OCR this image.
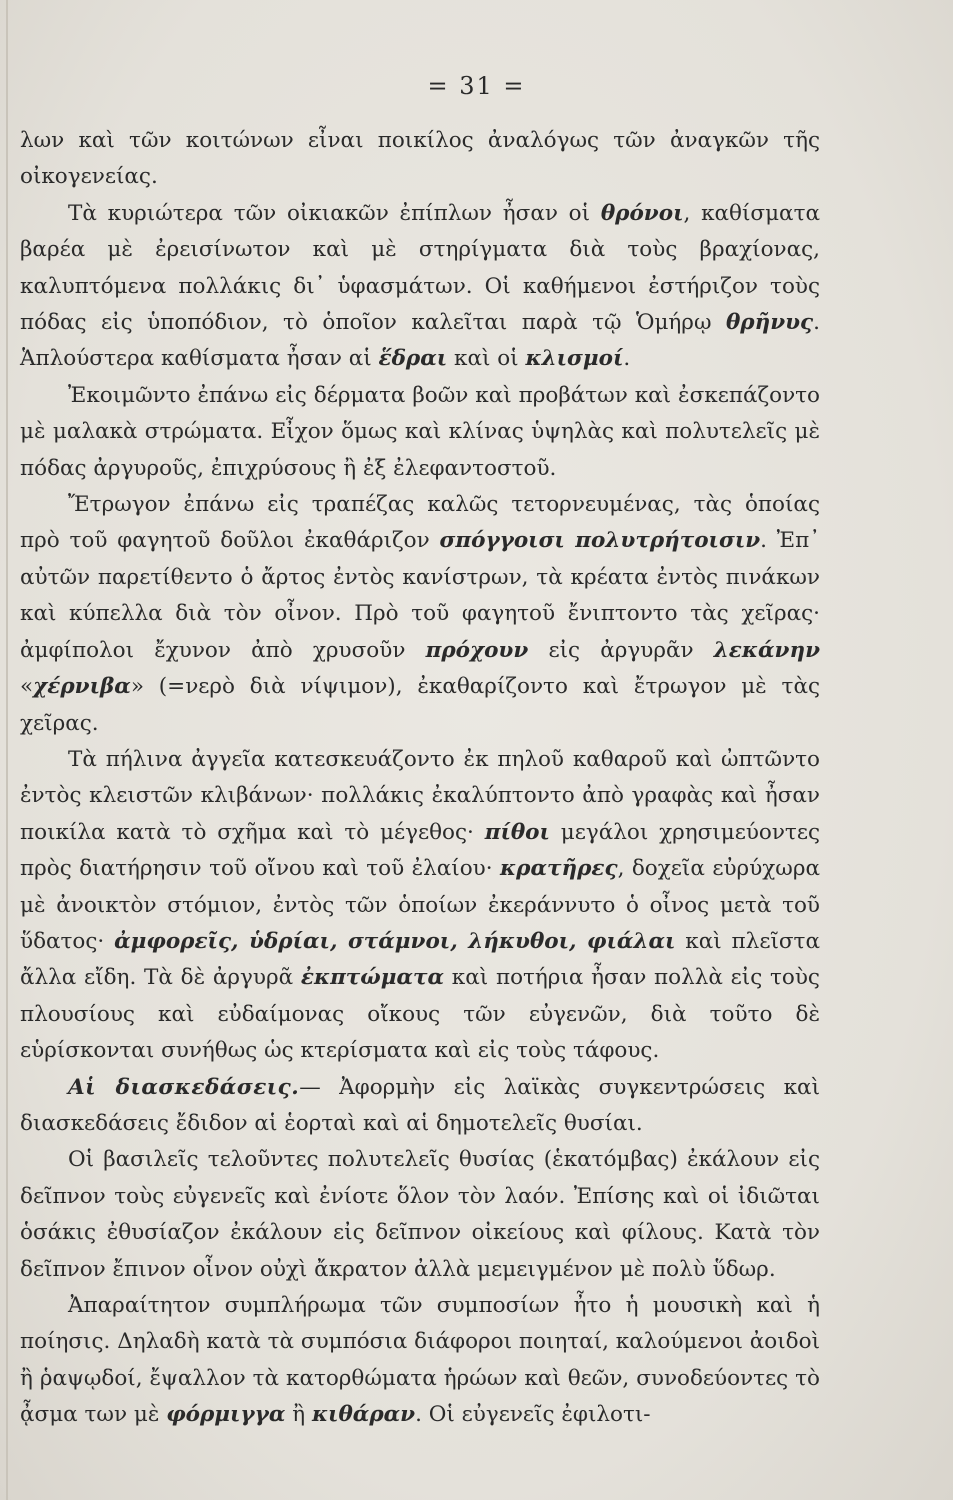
= 31 =

λων καὶ τῶν κοιτώνων εἶναι ποικίλος ἀναλόγως τῶν ἀναγκῶν τῆς οἰκογενείας.

Τὰ κυριώτερα τῶν οἰκιακῶν ἐπίπλων ἦσαν οἱ θρόνοι, καθίσματα βαρέα μὲ ἐρεισίνωτον καὶ μὲ στηρίγματα διὰ τοὺς βραχίονας, καλυπτόμενα πολλάκις δι᾽ ὑφασμάτων. Οἱ καθήμενοι ἐστήριζον τοὺς πόδας εἰς ὑποπόδιον, τὸ ὁποῖον καλεῖται παρὰ τῷ Ὁμήρῳ θρῆνυς. Ἁπλούστερα καθίσματα ἦσαν αἱ ἕδραι καὶ οἱ κλισμοί.

Ἐκοιμῶντο ἐπάνω εἰς δέρματα βοῶν καὶ προβάτων καὶ ἐσκεπάζοντο μὲ μαλακὰ στρώματα. Εἶχον ὅμως καὶ κλίνας ὑψηλὰς καὶ πολυτελεῖς μὲ πόδας ἀργυροῦς, ἐπιχρύσους ἢ ἐξ ἐλεφαντοστοῦ.

Ἔτρωγον ἐπάνω εἰς τραπέζας καλῶς τετορνευμένας, τὰς ὁποίας πρὸ τοῦ φαγητοῦ δοῦλοι ἐκαθάριζον σπόγγοισι πολυτρήτοισιν. Ἐπ᾽ αὐτῶν παρετίθεντο ὁ ἄρτος ἐντὸς κανίστρων, τὰ κρέατα ἐντὸς πινάκων καὶ κύπελλα διὰ τὸν οἶνον. Πρὸ τοῦ φαγητοῦ ἔνιπτοντο τὰς χεῖρας· ἀμφίπολοι ἔχυνον ἀπὸ χρυσοῦν πρόχουν εἰς ἀργυρᾶν λεκάνην «χέρνιβα» (=νερὸ διὰ νίψιμον), ἐκαθαρίζοντο καὶ ἔτρωγον μὲ τὰς χεῖρας.

Τὰ πήλινα ἀγγεῖα κατεσκευάζοντο ἐκ πηλοῦ καθαροῦ καὶ ὠπτῶντο ἐντὸς κλειστῶν κλιβάνων· πολλάκις ἐκαλύπτοντο ἀπὸ γραφὰς καὶ ἦσαν ποικίλα κατὰ τὸ σχῆμα καὶ τὸ μέγεθος· πίθοι μεγάλοι χρησιμεύοντες πρὸς διατήρησιν τοῦ οἴνου καὶ τοῦ ἐλαίου· κρατῆρες, δοχεῖα εὐρύχωρα μὲ ἀνοικτὸν στόμιον, ἐντὸς τῶν ὁποίων ἐκεράννυτο ὁ οἶνος μετὰ τοῦ ὕδατος· ἀμφορεῖς, ὑδρίαι, στάμνοι, λήκυθοι, φιάλαι καὶ πλεῖστα ἄλλα εἴδη. Τὰ δὲ ἀργυρᾶ ἐκπτώματα καὶ ποτήρια ἦσαν πολλὰ εἰς τοὺς πλουσίους καὶ εὐδαίμονας οἴκους τῶν εὐγενῶν, διὰ τοῦτο δὲ εὑρίσκονται συνήθως ὡς κτερίσματα καὶ εἰς τοὺς τάφους.

Αἱ διασκεδάσεις.— Ἀφορμὴν εἰς λαϊκὰς συγκεντρώσεις καὶ διασκεδάσεις ἔδιδον αἱ ἑορταὶ καὶ αἱ δημοτελεῖς θυσίαι.

Οἱ βασιλεῖς τελοῦντες πολυτελεῖς θυσίας (ἑκατόμβας) ἐκάλουν εἰς δεῖπνον τοὺς εὐγενεῖς καὶ ἐνίοτε ὅλον τὸν λαόν. Ἐπίσης καὶ οἱ ἰδιῶται ὁσάκις ἐθυσίαζον ἐκάλουν εἰς δεῖπνον οἰκείους καὶ φίλους. Κατὰ τὸν δεῖπνον ἔπινον οἶνον οὐχὶ ἄκρατον ἀλλὰ μεμειγμένον μὲ πολὺ ὕδωρ.

Ἀπαραίτητον συμπλήρωμα τῶν συμποσίων ἦτο ἡ μουσικὴ καὶ ἡ ποίησις. Δηλαδὴ κατὰ τὰ συμπόσια διάφοροι ποιηταί, καλούμενοι ἀοιδοὶ ἢ ῥαψῳδοί, ἔψαλλον τὰ κατορθώματα ἡρώων καὶ θεῶν, συνοδεύοντες τὸ ᾆσμα των μὲ φόρμιγγα ἢ κιθάραν. Οἱ εὐγενεῖς ἐφιλοτι-
